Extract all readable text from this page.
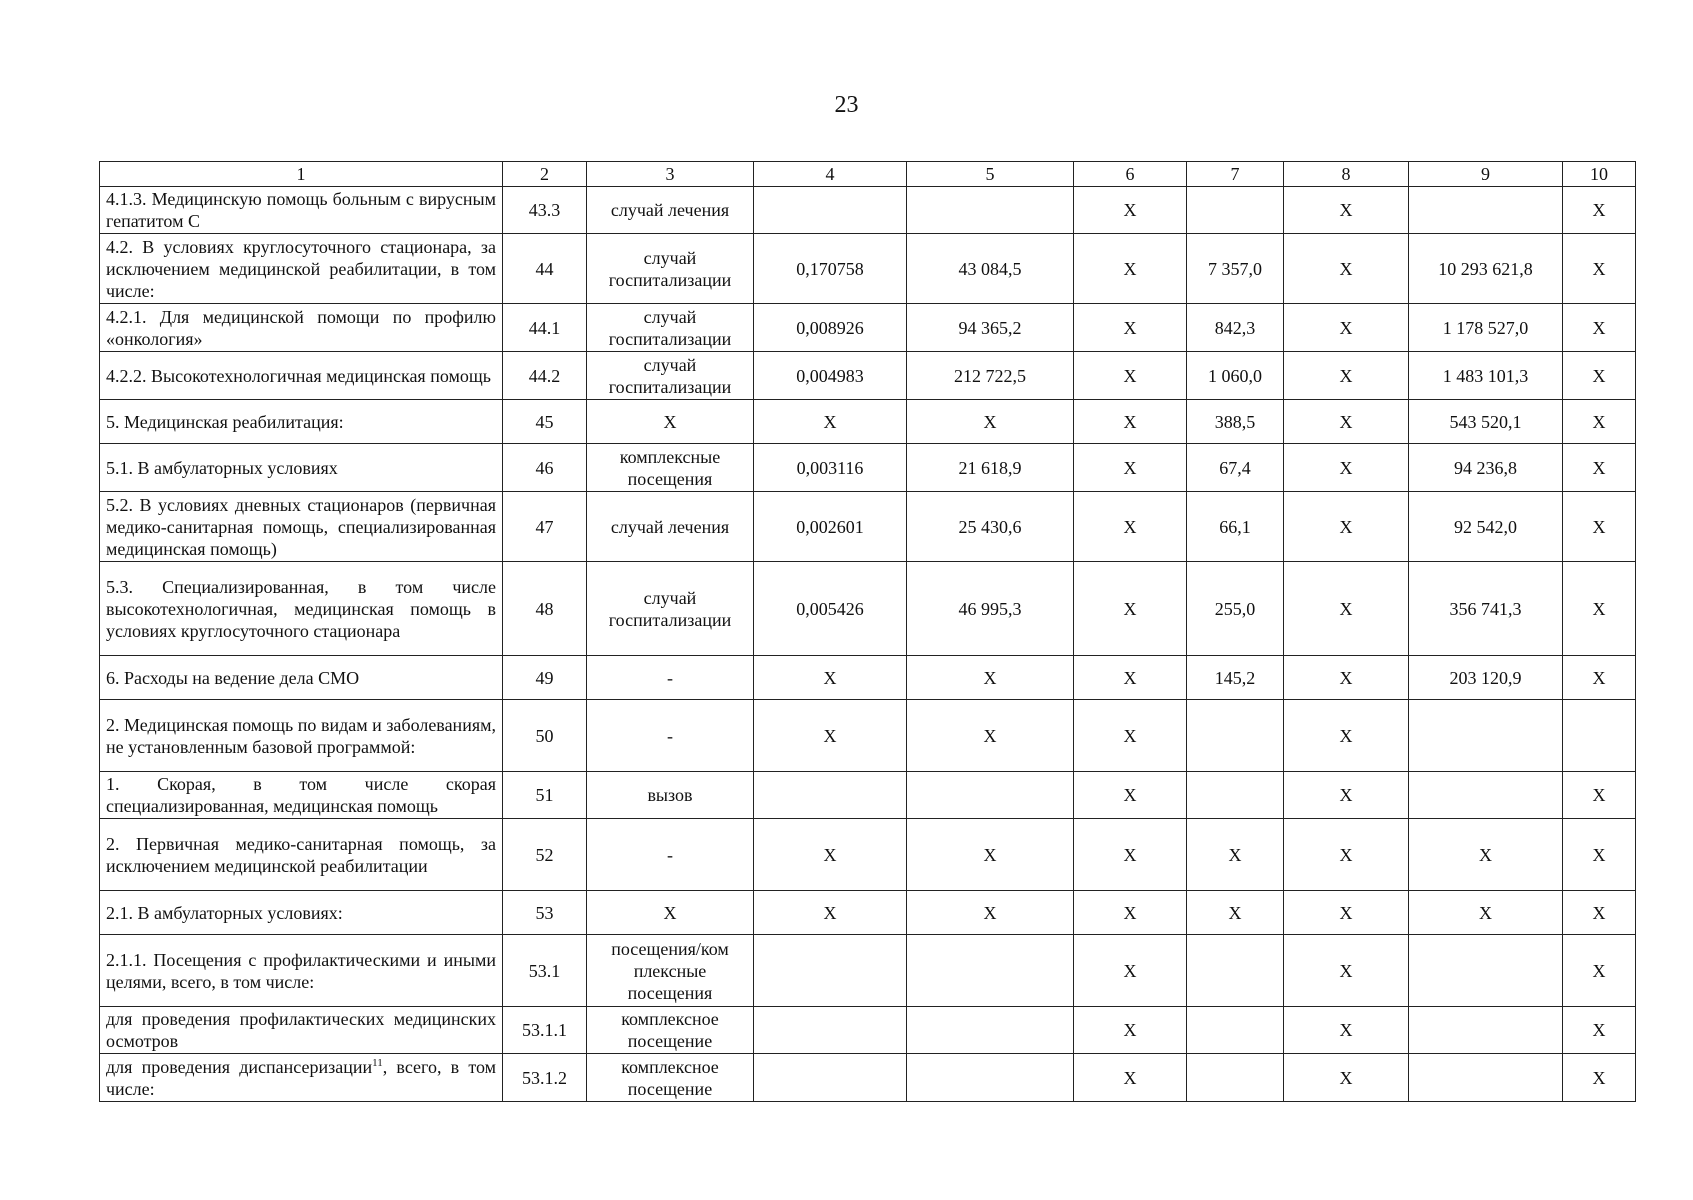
23
1	2	3	4	5	6	7	8	9	10
4.1.3. Медицинскую помощь больным с вирусным гепатитом С	43.3	случай лечения			Х		Х		Х
4.2. В условиях круглосуточного стационара, за исключением медицинской реабилитации, в том числе:	44	случай госпитализации	0,170758	43 084,5	Х	7 357,0	Х	10 293 621,8	Х
4.2.1. Для медицинской помощи по профилю «онкология»	44.1	случай госпитализации	0,008926	94 365,2	Х	842,3	Х	1 178 527,0	Х
4.2.2. Высокотехнологичная медицинская помощь	44.2	случай госпитализации	0,004983	212 722,5	Х	1 060,0	Х	1 483 101,3	Х
5. Медицинская реабилитация:	45	Х	Х	Х	Х	388,5	Х	543 520,1	Х
5.1. В амбулаторных условиях	46	комплексные посещения	0,003116	21 618,9	Х	67,4	Х	94 236,8	Х
5.2. В условиях дневных стационаров (первичная медико-санитарная помощь, специализированная медицинская помощь)	47	случай лечения	0,002601	25 430,6	Х	66,1	Х	92 542,0	Х
5.3. Специализированная, в том числе высокотехнологичная, медицинская помощь в условиях круглосуточного стационара	48	случай госпитализации	0,005426	46 995,3	Х	255,0	Х	356 741,3	Х
6. Расходы на ведение дела СМО	49	-	Х	Х	Х	145,2	Х	203 120,9	Х
2. Медицинская помощь по видам и заболеваниям, не установленным базовой программой:	50	-	Х	Х	Х		Х		
1. Скорая, в том числе скорая специализированная, медицинская помощь	51	вызов			Х		Х		Х
2. Первичная медико-санитарная помощь, за исключением медицинской реабилитации	52	-	Х	Х	Х	Х	Х	Х	Х
2.1. В амбулаторных условиях:	53	Х	Х	Х	Х	Х	Х	Х	Х
2.1.1. Посещения с профилактическими и иными целями, всего, в том числе:	53.1	посещения/ком плексные посещения			Х		Х		Х
для проведения профилактических медицинских осмотров	53.1.1	комплексное посещение			Х		Х		Х
для проведения диспансеризации$^{11}$, всего, в том числе:	53.1.2	комплексное посещение			Х		Х		Х
